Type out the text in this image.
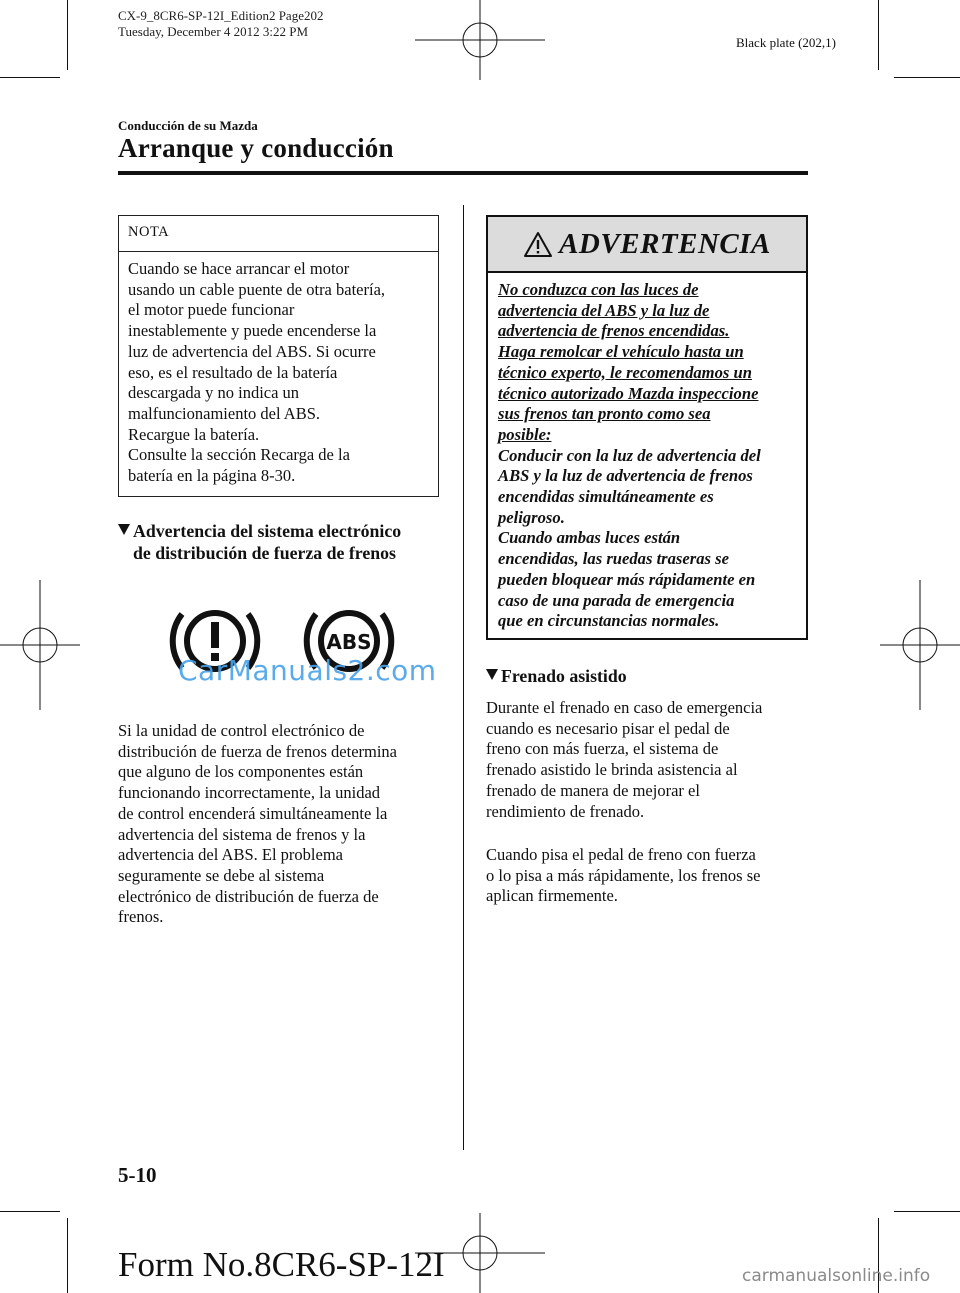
CX-9_8CR6-SP-12I_Edition2 Page202
Tuesday, December 4 2012 3:22 PM
Black plate (202,1)
Conducción de su Mazda
Arranque y conducción
NOTA
Cuando se hace arrancar el motor
usando un cable puente de otra batería,
el motor puede funcionar
inestablemente y puede encenderse la
luz de advertencia del ABS. Si ocurre
eso, es el resultado de la batería
descargada y no indica un
malfuncionamiento del ABS.
Recargue la batería.
Consulte la sección Recarga de la
batería en la página 8-30.
Advertencia del sistema electrónico
de distribución de fuerza de frenos
ABS
CarManuals2.com
Si la unidad de control electrónico de
distribución de fuerza de frenos determina
que alguno de los componentes están
funcionando incorrectamente, la unidad
de control encenderá simultáneamente la
advertencia del sistema de frenos y la
advertencia del ABS. El problema
seguramente se debe al sistema
electrónico de distribución de fuerza de
frenos.
ADVERTENCIA
No conduzca con las luces de
advertencia del ABS y la luz de
advertencia de frenos encendidas.
Haga remolcar el vehículo hasta un
técnico experto, le recomendamos un
técnico autorizado Mazda inspeccione
sus frenos tan pronto como sea
posible:
Conducir con la luz de advertencia del
ABS y la luz de advertencia de frenos
encendidas simultáneamente es
peligroso.
Cuando ambas luces están
encendidas, las ruedas traseras se
pueden bloquear más rápidamente en
caso de una parada de emergencia
que en circunstancias normales.
Frenado asistido
Durante el frenado en caso de emergencia
cuando es necesario pisar el pedal de
freno con más fuerza, el sistema de
frenado asistido le brinda asistencia al
frenado de manera de mejorar el
rendimiento de frenado.
Cuando pisa el pedal de freno con fuerza
o lo pisa a más rápidamente, los frenos se
aplican firmemente.
5-10
Form No.8CR6-SP-12I	carmanualsonline.info
